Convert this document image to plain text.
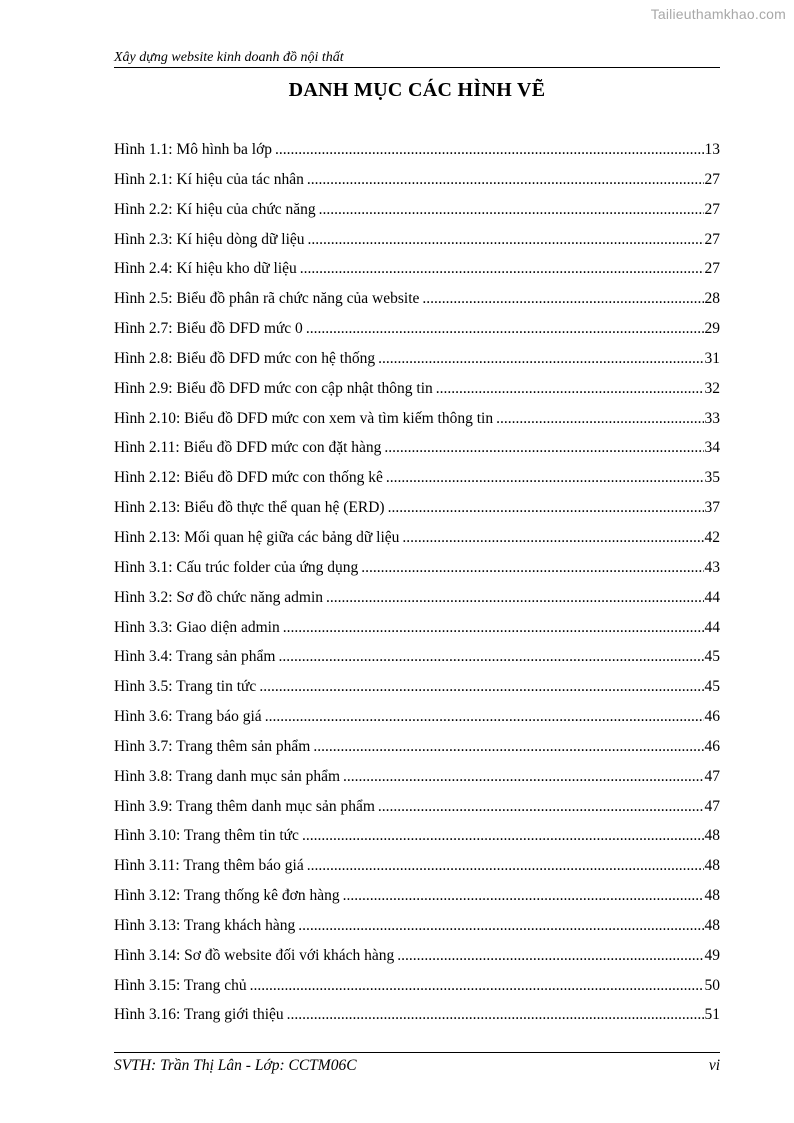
Tailieuthamkhao.com
Xây dựng website kinh doanh đồ nội thất
DANH MỤC CÁC HÌNH VẼ
Hình 1.1: Mô hình ba lớp .....	13
Hình 2.1: Kí hiệu của tác nhân .....	27
Hình 2.2: Kí hiệu của chức năng .....	27
Hình 2.3: Kí hiệu dòng dữ liệu .....	27
Hình 2.4: Kí hiệu kho dữ liệu .....	27
Hình 2.5: Biểu đồ phân rã chức năng của website .....	28
Hình 2.7: Biểu đồ DFD mức 0 .....	29
Hình 2.8: Biểu đồ DFD mức con hệ thống .....	31
Hình 2.9: Biểu đồ DFD mức con cập nhật thông tin .....	32
Hình 2.10: Biểu đồ DFD mức con xem và tìm kiếm thông tin .....	33
Hình 2.11: Biểu đồ DFD mức con đặt hàng .....	34
Hình 2.12: Biểu đồ DFD mức con thống kê .....	35
Hình 2.13: Biểu đồ thực thể quan hệ (ERD) .....	37
Hình 2.13: Mối quan hệ giữa các bảng dữ liệu .....	42
Hình 3.1: Cấu trúc folder của ứng dụng .....	43
Hình 3.2: Sơ đồ chức năng admin .....	44
Hình 3.3: Giao diện admin .....	44
Hình 3.4: Trang sản phẩm .....	45
Hình 3.5: Trang tin tức .....	45
Hình 3.6: Trang báo giá .....	46
Hình 3.7: Trang thêm sản phẩm .....	46
Hình 3.8: Trang danh mục sản phẩm .....	47
Hình 3.9: Trang thêm danh mục sản phẩm .....	47
Hình 3.10: Trang thêm tin tức .....	48
Hình 3.11: Trang thêm báo giá .....	48
Hình 3.12: Trang thống kê đơn hàng .....	48
Hình 3.13: Trang khách hàng .....	48
Hình 3.14: Sơ đồ website đối với khách hàng .....	49
Hình 3.15: Trang chủ .....	50
Hình 3.16: Trang giới thiệu .....	51
SVTH: Trần Thị Lân - Lớp: CCTM06C	vi
